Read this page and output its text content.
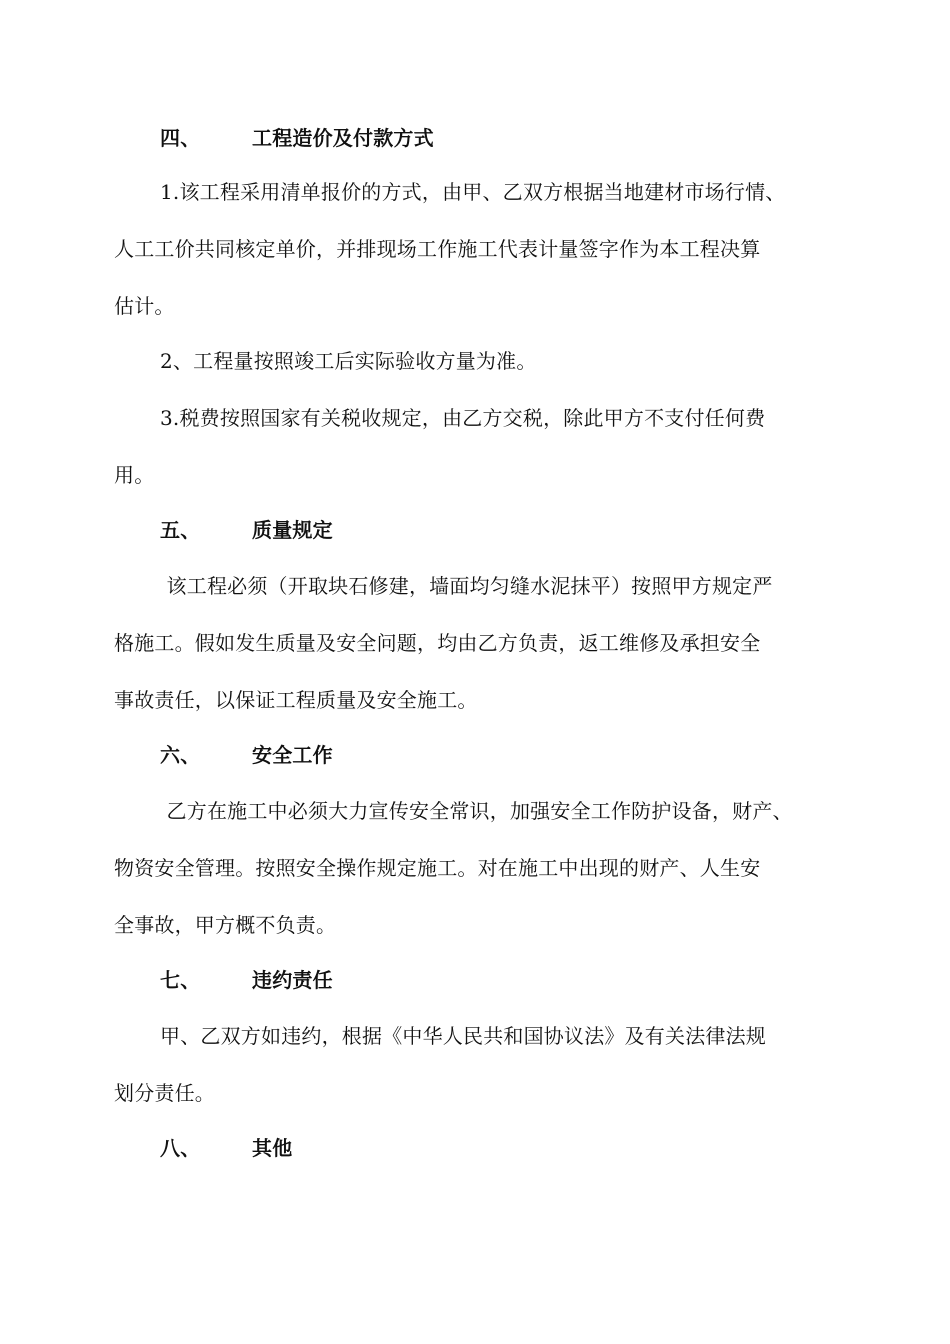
四、	工程造价及付款方式
1.该工程采用清单报价的方式，由甲、乙双方根据当地建材市场行情、
人工工价共同核定单价，并排现场工作施工代表计量签字作为本工程决算
估计。
2、工程量按照竣工后实际验收方量为准。
3.税费按照国家有关税收规定，由乙方交税，除此甲方不支付任何费
用。
五、	质量规定
该工程必须（开取块石修建，墙面均匀缝水泥抹平）按照甲方规定严
格施工。假如发生质量及安全问题，均由乙方负责，返工维修及承担安全
事故责任，以保证工程质量及安全施工。
六、	安全工作
乙方在施工中必须大力宣传安全常识，加强安全工作防护设备，财产、
物资安全管理。按照安全操作规定施工。对在施工中出现的财产、人生安
全事故，甲方概不负责。
七、	违约责任
甲、乙双方如违约，根据《中华人民共和国协议法》及有关法律法规
划分责任。
八、	其他
